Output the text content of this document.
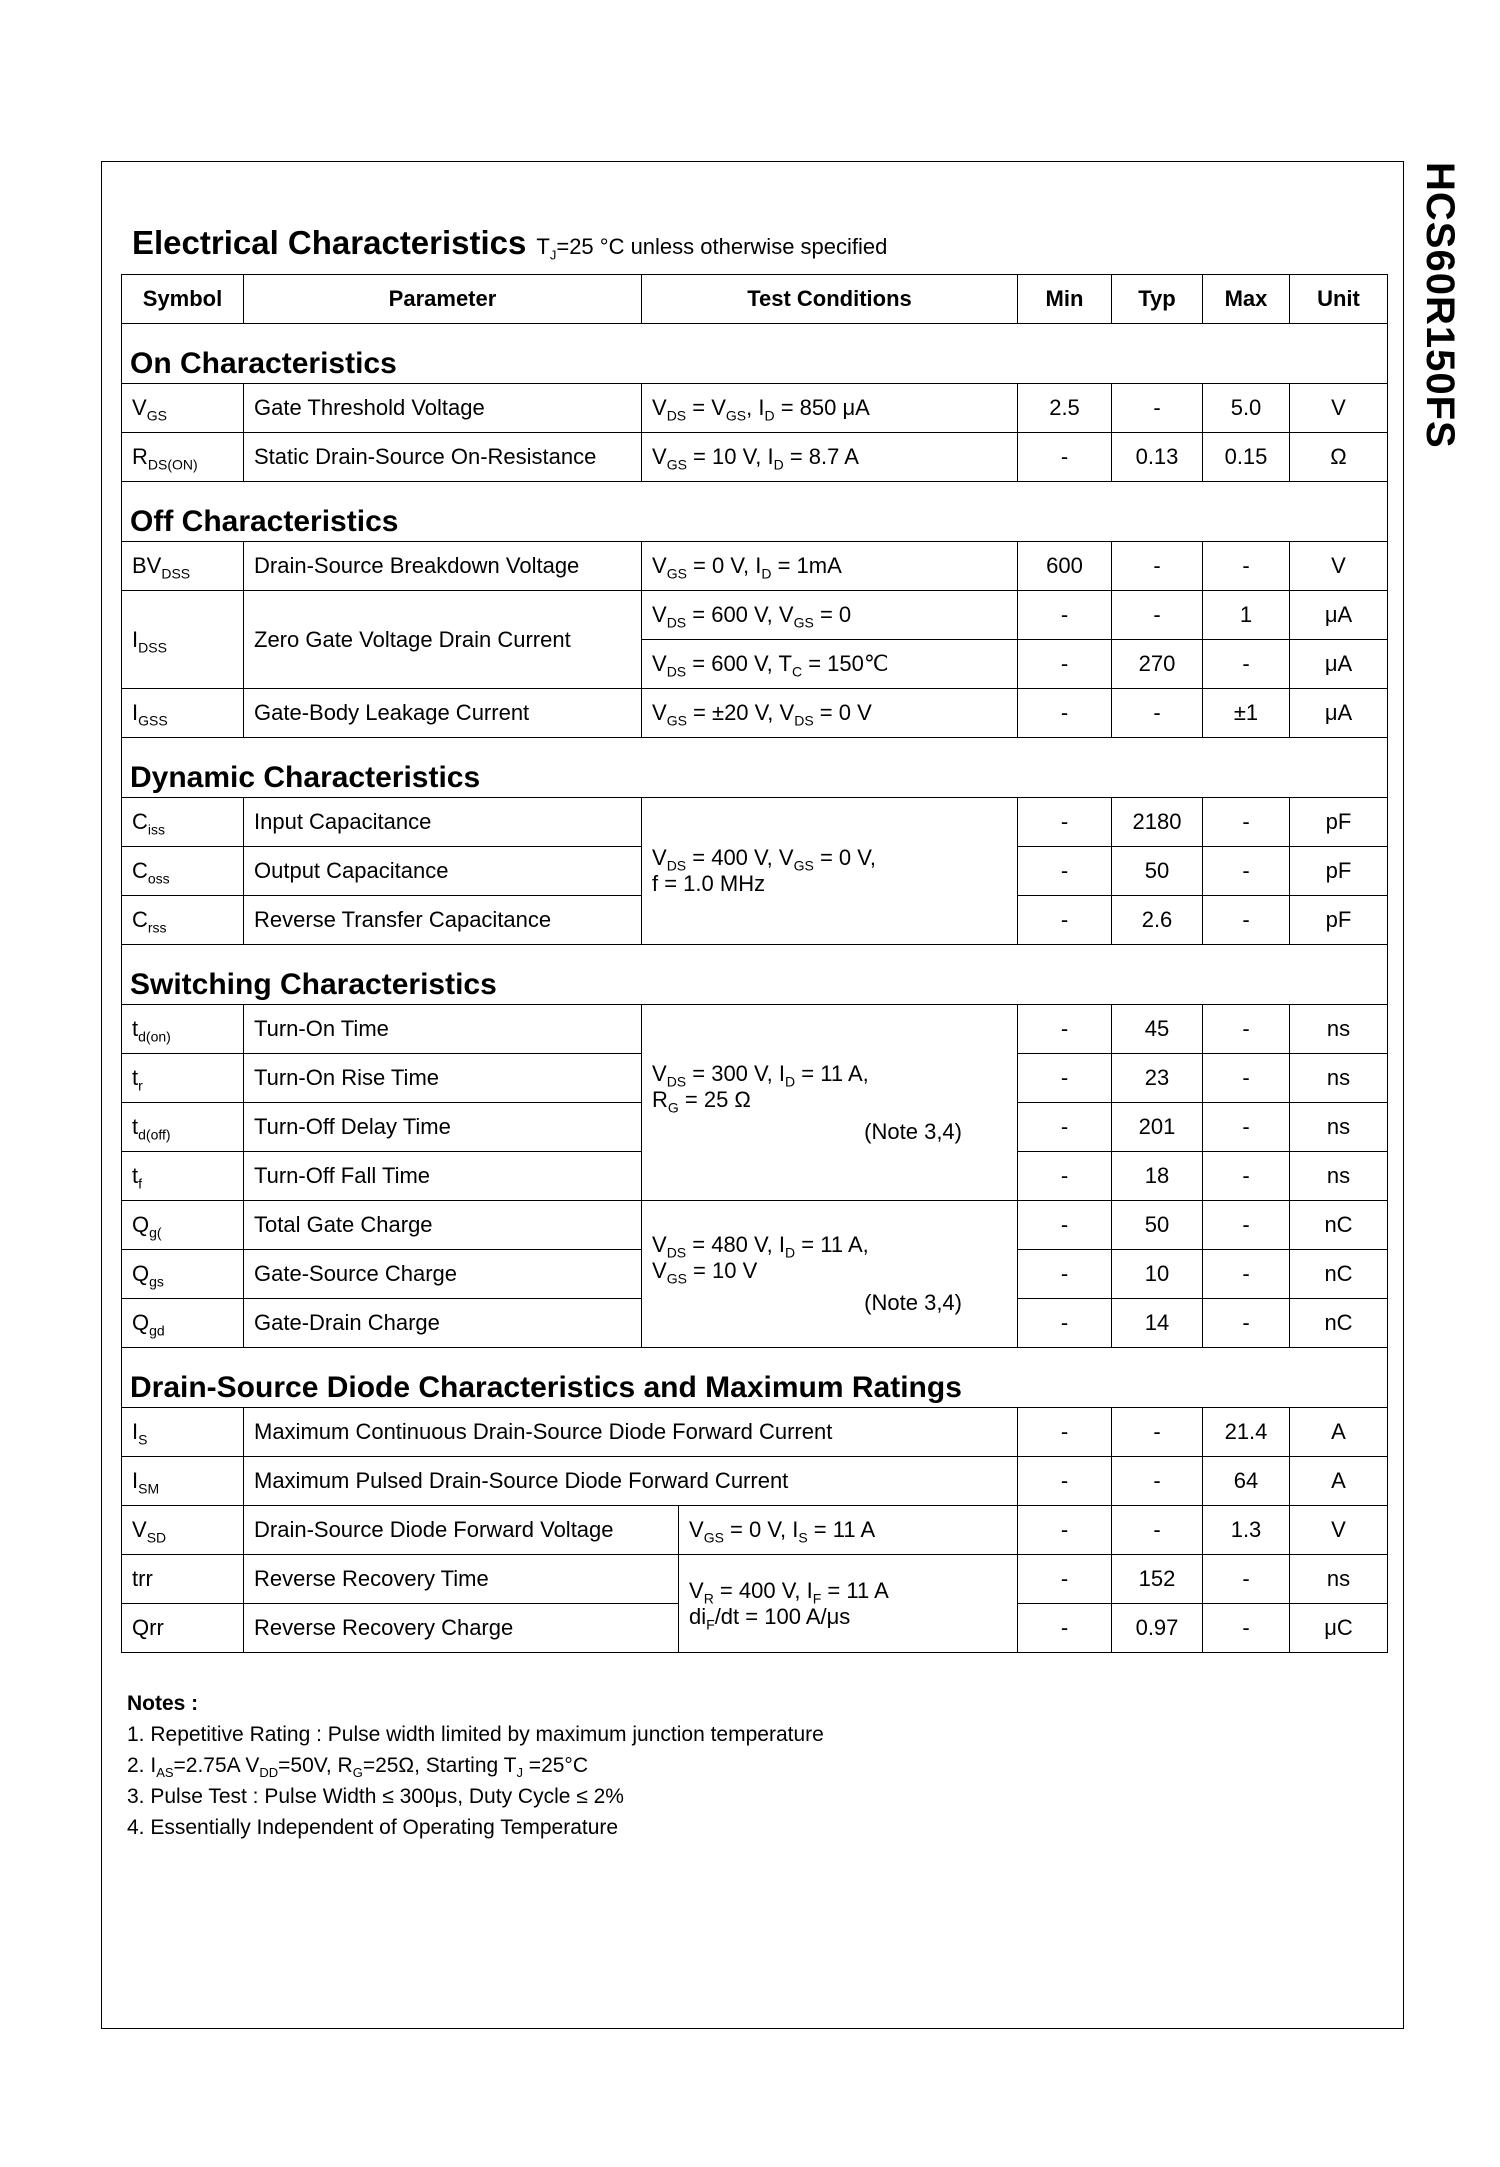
HCS60R150FS
Electrical Characteristics $T_J=25$ °C unless otherwise specified
Symbol	Parameter	Test Conditions		Min	Typ	Max	Unit
On Characteristics							
$V_{GS}$	Gate Threshold Voltage	$V_{DS} = V_{GS}$, $I_D = 850$ μA		2.5	-	5.0	V
$R_{DS(ON)}$	Static Drain-Source On-Resistance	$V_{GS} = 10$ V, $I_D = 8.7$ A		-	0.13	0.15	Ω
Off Characteristics							
$BV_{DSS}$	Drain-Source Breakdown Voltage	$V_{GS} = 0$ V, $I_D = 1mA$		600	-	-	V
$I_{DSS}$	Zero Gate Voltage Drain Current	$V_{DS} = 600$ V, $V_{GS} = 0$		-	-	1	μA
		$V_{DS} = 600$ V, $T_C$ = 150℃		-	270	-	μA
$I_{GSS}$	Gate-Body Leakage Current	$V_{GS} = \pm 20$ V, $V_{DS} = 0$ V		-	-	±1	μA
Dynamic Characteristics							
$C_{iss}$	Input Capacitance	$V_{DS} = 400$ V, $V_{GS} = 0$ V,
f = 1.0 MHz		-	2180	-	pF
$C_{oss}$	Output Capacitance			-	50	-	pF
$C_{rss}$	Reverse Transfer Capacitance			-	2.6	-	pF
Switching Characteristics							
$t_{d(on)}$	Turn-On Time	$V_{DS} = 300$ V, $I_D = 11$ A,
$R_G = 25$ Ω
(Note 3,4)		-	45	-	ns
$t_r$	Turn-On Rise Time			-	23	-	ns
$t_{d(off)}$	Turn-Off Delay Time			-	201	-	ns
$t_f$	Turn-Off Fall Time			-	18	-	ns
$Q_{g(}$	Total Gate Charge	$V_{DS} = 480$ V, $I_D = 11$ A,
$V_{GS} = 10$ V
(Note 3,4)		-	50	-	nC
$Q_{gs}$	Gate-Source Charge			-	10	-	nC
$Q_{gd}$	Gate-Drain Charge			-	14	-	nC
Drain-Source Diode Characteristics and Maximum Ratings							
$I_S$	Maximum Continuous Drain-Source Diode Forward Current			-	-	21.4	A
$I_{SM}$	Maximum Pulsed Drain-Source Diode Forward Current			-	-	64	A
$V_{SD}$	Drain-Source Diode Forward Voltage		$V_{GS} = 0$ V, $I_S = 11$ A	-	-	1.3	V
trr	Reverse Recovery Time		$V_R = 400$ V, $I_F = 11$ A
$di_F/dt = 100$ A/μs	-	152	-	ns
Qrr	Reverse Recovery Charge			-	0.97	-	μC
Notes :
1. Repetitive Rating : Pulse width limited by maximum junction temperature
2. $I_{AS}=2.75A$ $V_{DD}=50V$, $R_G=25\Omega$, Starting $T_J =25^\circ C$
3. Pulse Test : Pulse Width ≤ 300μs, Duty Cycle ≤ 2%
4. Essentially Independent of Operating Temperature
